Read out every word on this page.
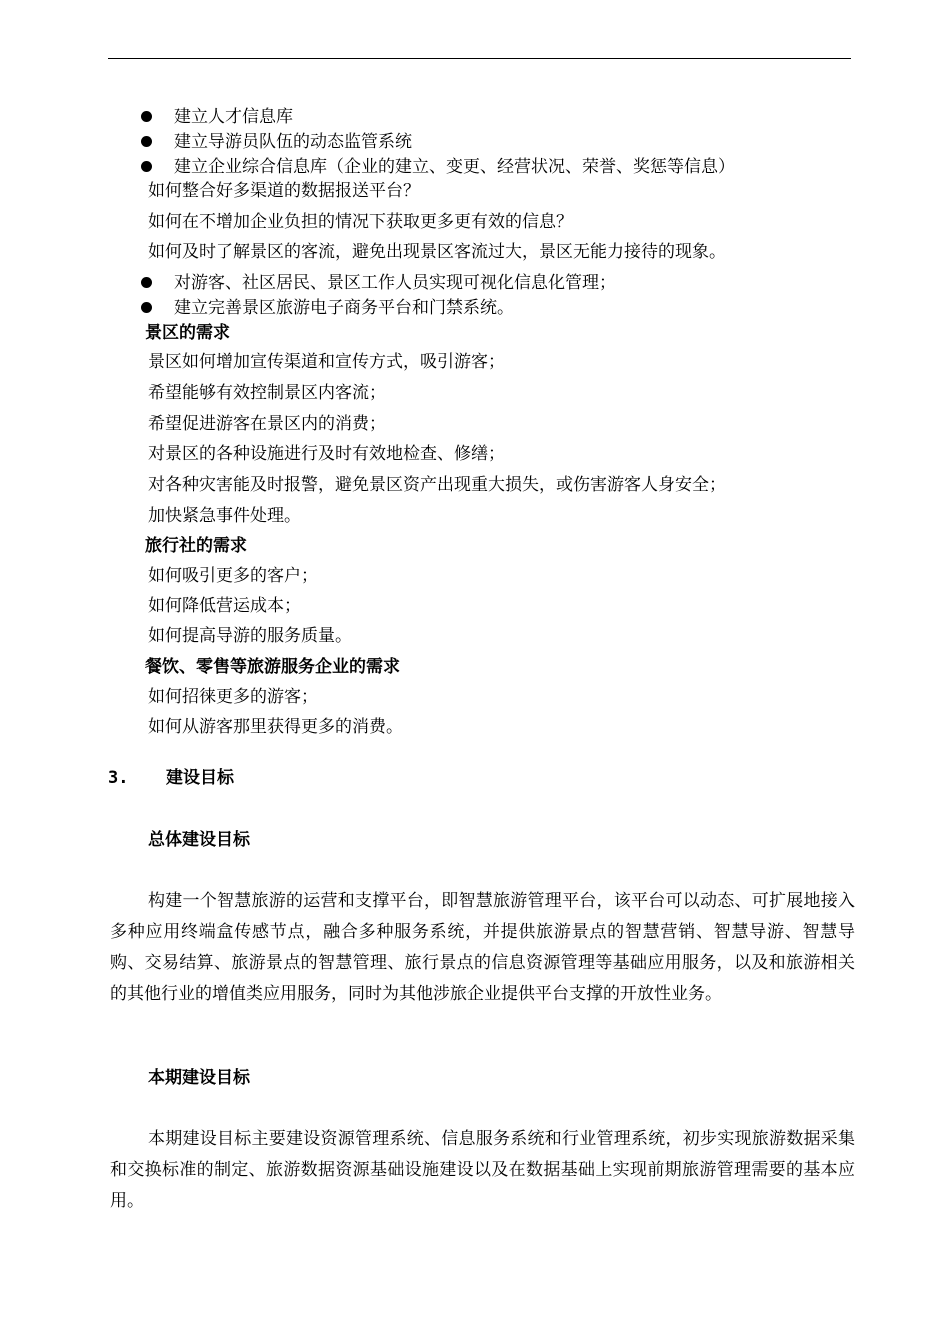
建立人才信息库
建立导游员队伍的动态监管系统
建立企业综合信息库（企业的建立、变更、经营状况、荣誉、奖惩等信息）
如何整合好多渠道的数据报送平台？
如何在不增加企业负担的情况下获取更多更有效的信息？
如何及时了解景区的客流，避免出现景区客流过大，景区无能力接待的现象。
对游客、社区居民、景区工作人员实现可视化信息化管理；
建立完善景区旅游电子商务平台和门禁系统。
景区的需求
景区如何增加宣传渠道和宣传方式，吸引游客；
希望能够有效控制景区内客流；
希望促进游客在景区内的消费；
对景区的各种设施进行及时有效地检查、修缮；
对各种灾害能及时报警，避免景区资产出现重大损失，或伤害游客人身安全；
加快紧急事件处理。
旅行社的需求
如何吸引更多的客户；
如何降低营运成本；
如何提高导游的服务质量。
餐饮、零售等旅游服务企业的需求
如何招徕更多的游客；
如何从游客那里获得更多的消费。
3. 建设目标
总体建设目标
构建一个智慧旅游的运营和支撑平台，即智慧旅游管理平台，该平台可以动态、可扩展地接入多种应用终端盒传感节点，融合多种服务系统，并提供旅游景点的智慧营销、智慧导游、智慧导购、交易结算、旅游景点的智慧管理、旅行景点的信息资源管理等基础应用服务，以及和旅游相关的其他行业的增值类应用服务，同时为其他涉旅企业提供平台支撑的开放性业务。
本期建设目标
本期建设目标主要建设资源管理系统、信息服务系统和行业管理系统，初步实现旅游数据采集和交换标准的制定、旅游数据资源基础设施建设以及在数据基础上实现前期旅游管理需要的基本应用。
